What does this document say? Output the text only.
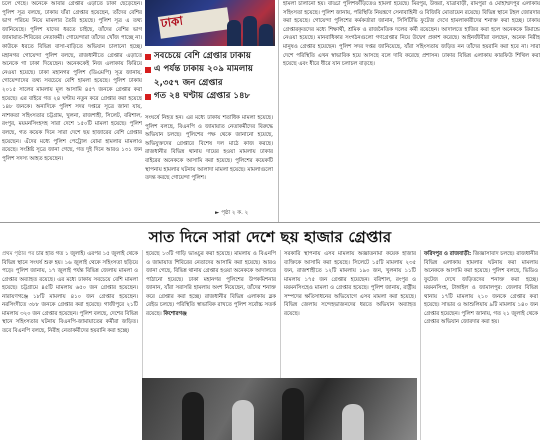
চলে গেছে। অনেকে আবার গ্রেপ্তার এড়াতে ঢাকা ছেড়েছেন। পুলিশ সূত্র বলছে, ঢাকায় যাঁরা গ্রেপ্তার হয়েছেন, তাঁদের বেশির ভাগ পরিচয় নিয়ে মামলার তৈরি হয়েছে। পুলিশ সূত্র এ তথ্য জানিয়েছে। পুলিশ যাদের ধরতে চাইছে, তাঁদের বেশির ভাগ জামায়াত-শিবিরের নেতাকর্মী। গোয়েন্দারা তাঁদের খোঁজ পাচ্ছে না। কাউকে ধরতে বিভিন্ন বাসা-বাড়িতে অভিযান চালানো হচ্ছে। মহানগর গোয়েন্দা পুলিশ বলছে, রাজধানীতে গ্রেপ্তার এড়াতে অনেকে গা ঢাকা দিয়েছেন। অনেককেই নিজ এলাকায় ফিরিয়ে নেওয়া হয়েছে। ঢাকা মহানগর পুলিশ (ডিএমপি) সূত্র জানায়, গোয়েন্দাদের তথ্য সবচেয়ে বেশি হামলা হয়েছে। পুলিশ ঢাকায় ২০১৫ সালের মামলায় মূল আসামি ৪৫৭ জনকে গ্রেপ্তার করা হয়েছে। এর বাইরে গত ২৪ ঘণ্টায় নতুন করে গ্রেপ্তার করা হয়েছে ১৪৮ জনকে। অন্যদিকে পুলিশ সদর দপ্তরে সূত্রে জানা যায়, নাশকতা সহিংসতার চট্টগ্রাম, খুলনা, রাজশাহী, সিলেট, বরিশাল, রংপুর, ময়মনসিংহসহ সারা দেশে ১৫০টি মামলা হয়েছে। পুলিশ বলছে, গত কয়েক দিনে সারা দেশে ছয় হাজারের বেশি গ্রেপ্তার হয়েছেন। এঁদের মধ্যে পুলিশ পেট্রোল বোমা হামলার মামলাও রয়েছে। সংশ্লিষ্ট সূত্রে জানা গেছে, গত দুই দিনে আরও ১৩১ জন পুলিশ সদস্য আহত হয়েছেন।

ঢাকা
সবচেয়ে বেশি গ্রেপ্তার ঢাকায়
এ পর্যন্ত ঢাকায় ২০৯ মামলায়
২,৩৫৭ জন গ্রেপ্তার
গত ২৪ ঘণ্টায় গ্রেপ্তার ১৪৮

সংঘর্ষে নিহত হন। এর মধ্যে ঢাকায় শতাধিক মামলা হয়েছে। পুলিশ বলছে, বিএনপি ও জামায়াত নেতাকর্মীদের বিরুদ্ধে অভিযান চলছে। পুলিশের পক্ষ থেকে জানানো হয়েছে, অভিযুক্তদের গ্রেপ্তারে বিশেষ দল মাঠে কাজ করছে। রাজধানীর বিভিন্ন থানায় দায়ের হওয়া মামলায় ঢাকার বাইরের অনেককে আসামি করা হয়েছে। পুলিশের কয়েকটি স্থাপনায় হামলার ঘটনায় আলাদা মামলা হয়েছে। মামলাগুলো তদন্ত করছে গোয়েন্দা পুলিশ।

হামলা চালানো হয়। বাড্ডা পুলিশফাঁড়িতেও হামলা হয়েছে। মিরপুর, উত্তরা, যাত্রাবাড়ী, রামপুরা ও মোহাম্মদপুর এলাকায় সহিংসতা হয়েছে। পুলিশ জানায়, পরিস্থিতি নিয়ন্ত্রণে সেনাবাহিনী ও বিজিবি মোতায়েন রয়েছে। বিভিন্ন স্থানে টহল জোরদার করা হয়েছে। গোয়েন্দা পুলিশের কর্মকর্তারা জানান, সিসিটিভি ফুটেজ দেখে হামলাকারীদের শনাক্ত করা হচ্ছে। ঢাকায় গ্রেপ্তারকৃতদের মধ্যে শিক্ষার্থী, শ্রমিক ও রাজনৈতিক দলের কর্মী রয়েছেন। আদালতে হাজির করা হলে অনেককে রিমান্ডে নেওয়া হয়েছে। মানবাধিকার সংগঠনগুলো গণগ্রেপ্তার নিয়ে উদ্বেগ প্রকাশ করেছে। আইনজীবীরা বলছেন, অনেক নিরীহ মানুষও গ্রেপ্তার হয়েছেন। পুলিশ সদর দপ্তর জানিয়েছে, যাঁরা সহিংসতায় জড়িত নন তাঁদের হয়রানি করা হবে না। সারা দেশে পরিস্থিতি এখন স্বাভাবিক হয়ে আসছে বলে দাবি করেছে প্রশাসন। ঢাকার বিভিন্ন এলাকায় কারফিউ শিথিল করা হয়েছে এবং ধীরে ধীরে যান চলাচল বাড়ছে।

► পৃষ্ঠা ২ ক. ২
সাত দিনে সারা দেশে ছয় হাজার গ্রেপ্তার
প্রথম পৃষ্ঠার পর চার হাত গত ১ জুলাই। এরপর ১৫ জুলাই থেকে বিভিন্ন স্থানে সংঘর্ষ শুরু হয়। ১৬ জুলাই থেকে সহিংসতা ছড়িয়ে পড়ে। পুলিশ জানায়, ১৭ জুলাই পর্যন্ত বিভিন্ন জেলায় মামলা ও গ্রেপ্তার অব্যাহত রয়েছে। এর মধ্যে ঢাকায় সবচেয়ে বেশি মামলা হয়েছে। চট্টগ্রামে ৪৫টি মামলায় ৬৫০ জন গ্রেপ্তার হয়েছেন। নারায়ণগঞ্জে ১৮টি মামলায় ৪১০ জন গ্রেপ্তার হয়েছেন। নরসিংদীতে ৩৮৮ জনকে গ্রেপ্তার করা হয়েছে। গাজীপুরে ২১টি মামলায় ৩২০ জন গ্রেপ্তার হয়েছেন। পুলিশ বলছে, দেশের বিভিন্ন স্থানে সহিংসতার ঘটনায় বিএনপি-জামায়াতের কর্মীরা জড়িত। তবে বিএনপি বলছে, নিরীহ নেতাকর্মীদের হয়রানি করা হচ্ছে।
হয়েছে ১৩টি গাড়ি ভাঙচুর করা হয়েছে। মামলায় ও বিএনপি ও জামায়াত শিবিরের নেতাদের আসামি করা হয়েছে। আরও জানা গেছে, বিভিন্ন থানায় গ্রেপ্তার হওয়া অনেককে আদালতে পাঠানো হয়েছে। ঢাকা মহানগর পুলিশের উপকমিশনার জানান, যাঁরা সরাসরি হামলায় অংশ নিয়েছেন, তাঁদের শনাক্ত করে গ্রেপ্তার করা হচ্ছে। রাজধানীর বিভিন্ন এলাকায় ব্লক রেইড চলছে। পরিস্থিতি স্বাভাবিক রাখতে পুলিশ সর্বোচ্চ সতর্ক রয়েছে। কিশোরগঞ্জ
সরকারি স্থাপনায় এসব মামলায় অজ্ঞাতনামা কয়েক হাজার ব্যক্তিকে আসামি করা হয়েছে। সিলেটে ১৫টি মামলায় ২৩৫ জন, রাজশাহীতে ১২টি মামলায় ১৯০ জন, খুলনায় ১১টি মামলায় ১৭৫ জন গ্রেপ্তার হয়েছেন। বরিশাল, রংপুর ও ময়মনসিংহেও মামলা ও গ্রেপ্তার হয়েছে। পুলিশ জানায়, রাষ্ট্রীয় সম্পদের ক্ষতিসাধনের অভিযোগে এসব মামলা করা হয়েছে। বিভিন্ন জেলায় সন্দেহভাজনদের ধরতে অভিযান অব্যাহত রয়েছে।
ফরিদপুর ও রাজবাড়ী: জিজ্ঞাসাবাদ চলছে। রাজধানীর বিভিন্ন এলাকায় হামলার ঘটনায় করা মামলায় অনেককে আসামি করা হয়েছে। পুলিশ বলছে, ভিডিও ফুটেজ দেখে জড়িতদের শনাক্ত করা হচ্ছে। ময়মনসিংহ, টাঙ্গাইল ও জামালপুর: জেলার বিভিন্ন থানায় ১৭টি মামলায় ২১০ জনকে গ্রেপ্তার করা হয়েছে। সাভার ও আশুলিয়ায় ৯টি মামলায় ১৪০ জন গ্রেপ্তার হয়েছেন। পুলিশ জানায়, গত ২১ জুলাই থেকে গ্রেপ্তার অভিযান জোরদার করা হয়।
